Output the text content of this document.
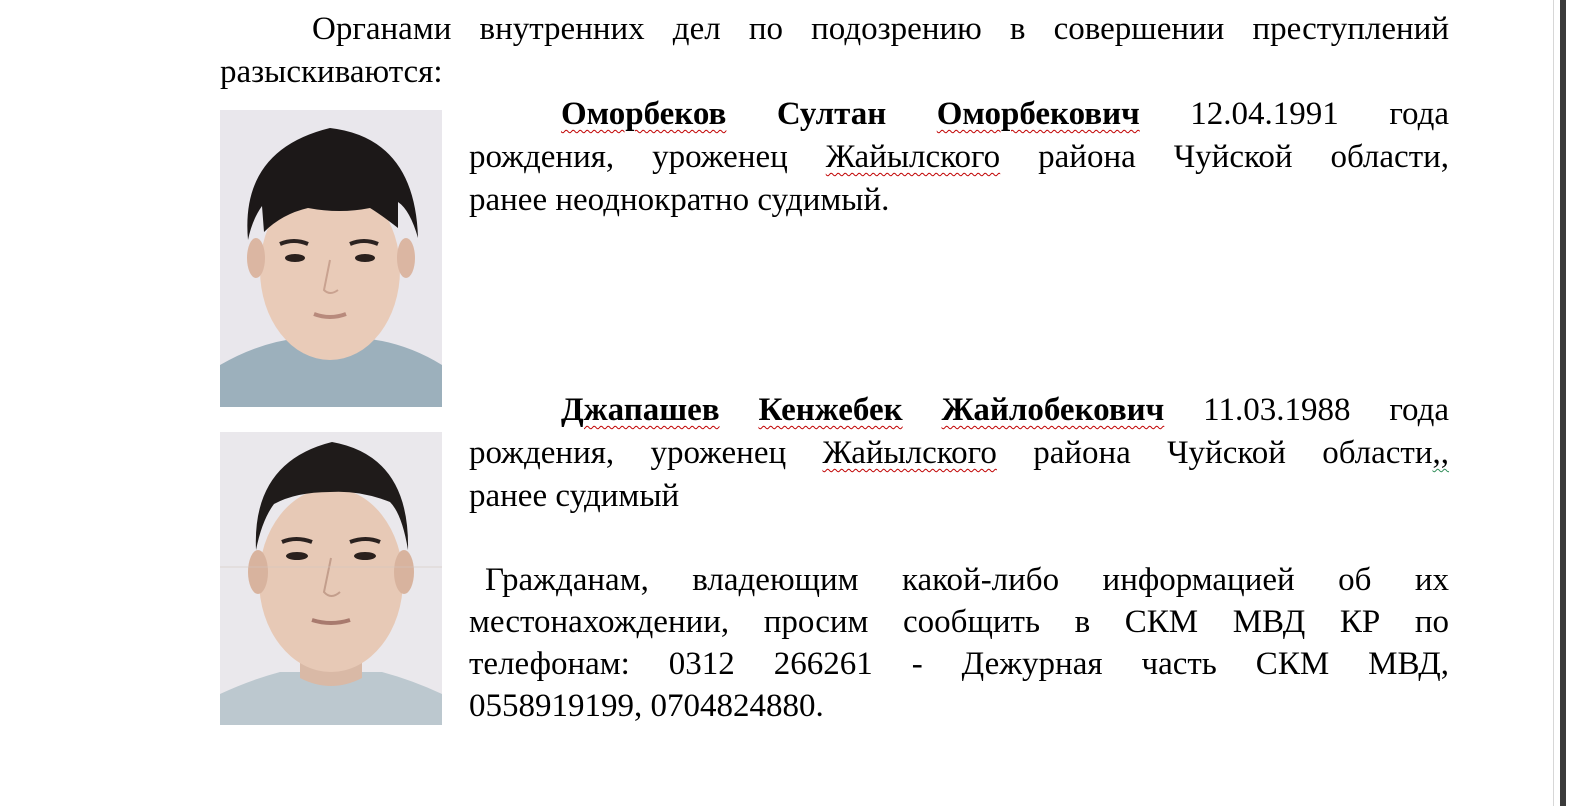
Органами внутренних дел по подозрению в совершении преступлений
разыскиваются:
Оморбеков Султан Оморбекович 12.04.1991 года
рождения, уроженец Жайылского района Чуйской области,
ранее неоднократно судимый.
Джапашев Кенжебек Жайлобекович 11.03.1988 года
рождения, уроженец Жайылского района Чуйской области,,
ранее судимый
Гражданам, владеющим какой-либо информацией об их
местонахождении, просим сообщить в СКМ МВД КР по
телефонам: 0312 266261 - Дежурная часть СКМ МВД,
0558919199, 0704824880.
